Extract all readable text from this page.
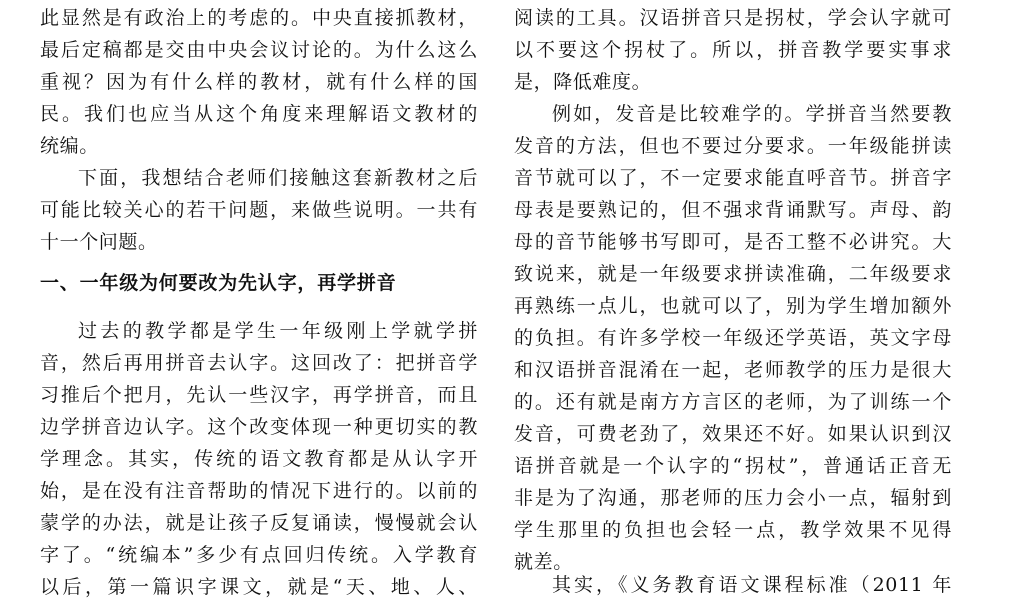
此显然是有政治上的考虑的。中央直接抓教材，
最后定稿都是交由中央会议讨论的。为什么这么
重视？因为有什么样的教材，就有什么样的国
民。我们也应当从这个角度来理解语文教材的
统编。
下面，我想结合老师们接触这套新教材之后
可能比较关心的若干问题，来做些说明。一共有
十一个问题。
一、一年级为何要改为先认字，再学拼音
过去的教学都是学生一年级刚上学就学拼
音，然后再用拼音去认字。这回改了：把拼音学
习推后个把月，先认一些汉字，再学拼音，而且
边学拼音边认字。这个改变体现一种更切实的教
学理念。其实，传统的语文教育都是从认字开
始，是在没有注音帮助的情况下进行的。以前的
蒙学的办法，就是让孩子反复诵读，慢慢就会认
字了。“统编本”多少有点回归传统。入学教育
以后，第一篇识字课文，就是“天、地、人、
阅读的工具。汉语拼音只是拐杖，学会认字就可
以不要这个拐杖了。所以，拼音教学要实事求
是，降低难度。
例如，发音是比较难学的。学拼音当然要教
发音的方法，但也不要过分要求。一年级能拼读
音节就可以了，不一定要求能直呼音节。拼音字
母表是要熟记的，但不强求背诵默写。声母、韵
母的音节能够书写即可，是否工整不必讲究。大
致说来，就是一年级要求拼读准确，二年级要求
再熟练一点儿，也就可以了，别为学生增加额外
的负担。有许多学校一年级还学英语，英文字母
和汉语拼音混淆在一起，老师教学的压力是很大
的。还有就是南方方言区的老师，为了训练一个
发音，可费老劲了，效果还不好。如果认识到汉
语拼音就是一个认字的“拐杖”，普通话正音无
非是为了沟通，那老师的压力会小一点，辐射到
学生那里的负担也会轻一点，教学效果不见得
就差。
其实，《义务教育语文课程标准（2011 年
